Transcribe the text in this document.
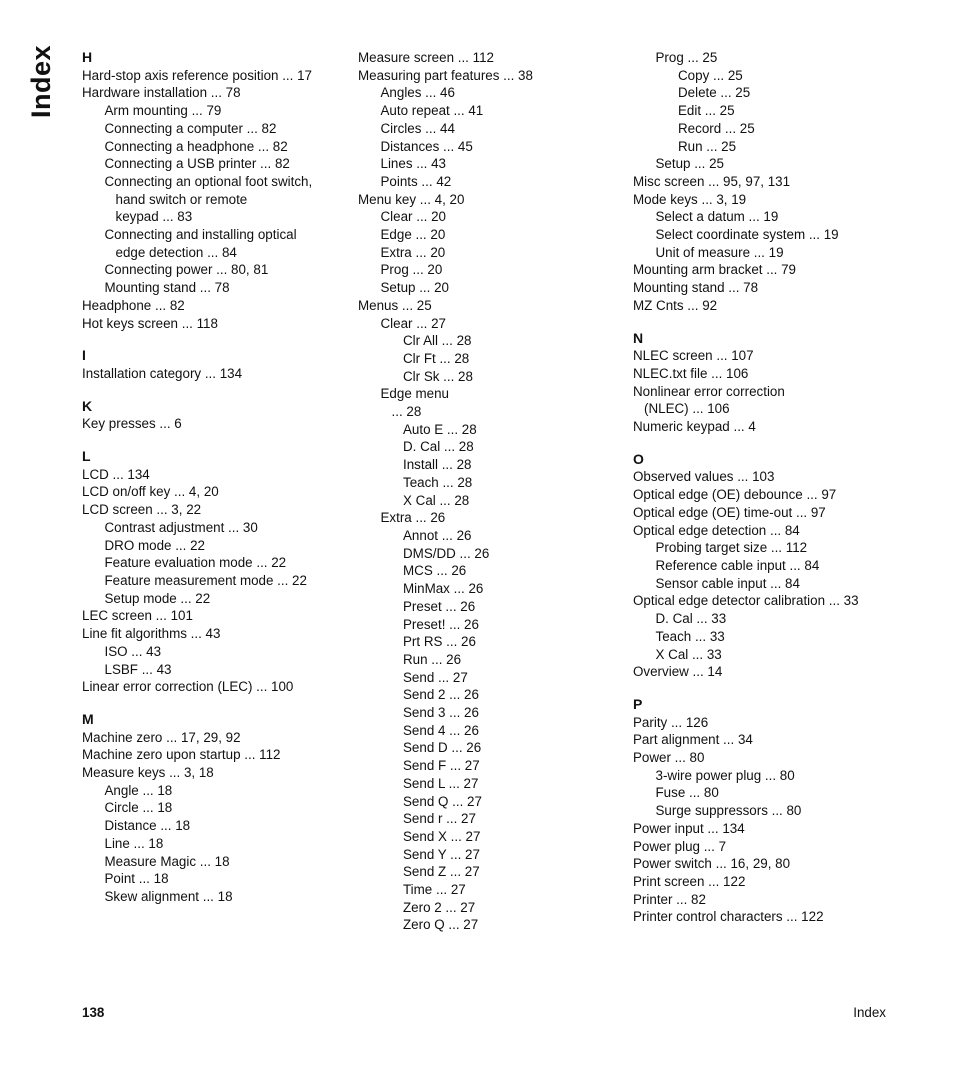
Index H
Hard-stop axis reference position ... 17
Hardware installation ... 78
Arm mounting ... 79
Connecting a computer ... 82
Connecting a headphone ... 82
Connecting a USB printer ... 82
Connecting an optional foot switch,
hand switch or remote
keypad ... 83
Connecting and installing optical
edge detection ... 84
Connecting power ... 80, 81
Mounting stand ... 78
Headphone ... 82
Hot keys screen ... 118
I
Installation category ... 134
K
Key presses ... 6
L
LCD ... 134
LCD on/off key ... 4, 20
LCD screen ... 3, 22
Contrast adjustment ... 30
DRO mode ... 22
Feature evaluation mode ... 22
Feature measurement mode ... 22
Setup mode ... 22
LEC screen ... 101
Line fit algorithms ... 43
ISO ... 43
LSBF ... 43
Linear error correction (LEC) ... 100
M
Machine zero ... 17, 29, 92
Machine zero upon startup ... 112
Measure keys ... 3, 18
Angle ... 18
Circle ... 18
Distance ... 18
Line ... 18
Measure Magic ... 18
Point ... 18
Skew alignment ... 18
Measure screen ... 112
Measuring part features ... 38
Angles ... 46
Auto repeat ... 41
Circles ... 44
Distances ... 45
Lines ... 43
Points ... 42
Menu key ... 4, 20
Clear ... 20
Edge ... 20
Extra ... 20
Prog ... 20
Setup ... 20
Menus ... 25
Clear ... 27
Clr All ... 28
Clr Ft ... 28
Clr Sk ... 28
Edge menu
... 28
Auto E ... 28
D. Cal ... 28
Install ... 28
Teach ... 28
X Cal ... 28
Extra ... 26
Annot ... 26
DMS/DD ... 26
MCS ... 26
MinMax ... 26
Preset ... 26
Preset! ... 26
Prt RS ... 26
Run ... 26
Send ... 27
Send 2 ... 26
Send 3 ... 26
Send 4 ... 26
Send D ... 26
Send F ... 27
Send L ... 27
Send Q ... 27
Send r ... 27
Send X ... 27
Send Y ... 27
Send Z ... 27
Time ... 27
Zero 2 ... 27
Zero Q ... 27
Prog ... 25
Copy ... 25
Delete ... 25
Edit ... 25
Record ... 25
Run ... 25
Setup ... 25
Misc screen ... 95, 97, 131
Mode keys ... 3, 19
Select a datum ... 19
Select coordinate system ... 19
Unit of measure ... 19
Mounting arm bracket ... 79
Mounting stand ... 78
MZ Cnts ... 92
N
NLEC screen ... 107
NLEC.txt file ... 106
Nonlinear error correction
(NLEC) ... 106
Numeric keypad ... 4
O
Observed values ... 103
Optical edge (OE) debounce ... 97
Optical edge (OE) time-out ... 97
Optical edge detection ... 84
Probing target size ... 112
Reference cable input ... 84
Sensor cable input ... 84
Optical edge detector calibration ... 33
D. Cal ... 33
Teach ... 33
X Cal ... 33
Overview ... 14
P
Parity ... 126
Part alignment ... 34
Power ... 80
3-wire power plug ... 80
Fuse ... 80
Surge suppressors ... 80
Power input ... 134
Power plug ... 7
Power switch ... 16, 29, 80
Print screen ... 122
Printer ... 82
Printer control characters ... 122
138	Index
